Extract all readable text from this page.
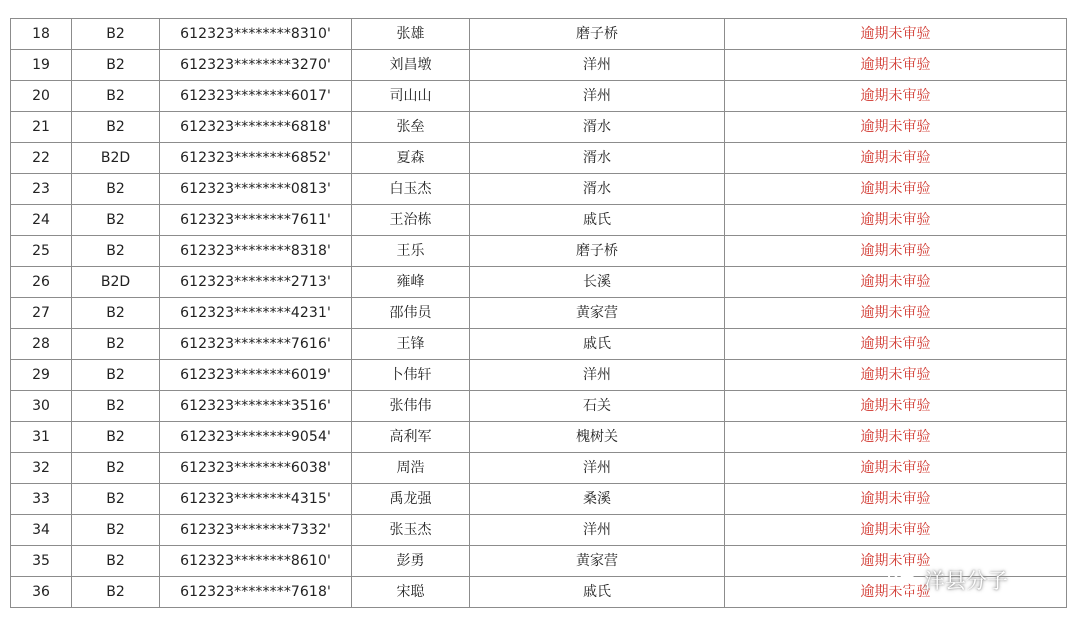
18	B2	612323********8310'	张雄	磨子桥	逾期未审验
19	B2	612323********3270'	刘昌墩	洋州	逾期未审验
20	B2	612323********6017'	司山山	洋州	逾期未审验
21	B2	612323********6818'	张垒	湑水	逾期未审验
22	B2D	612323********6852'	夏森	湑水	逾期未审验
23	B2	612323********0813'	白玉杰	湑水	逾期未审验
24	B2	612323********7611'	王治栋	戚氏	逾期未审验
25	B2	612323********8318'	王乐	磨子桥	逾期未审验
26	B2D	612323********2713'	雍峰	长溪	逾期未审验
27	B2	612323********4231'	邵伟员	黄家营	逾期未审验
28	B2	612323********7616'	王锋	戚氏	逾期未审验
29	B2	612323********6019'	卜伟轩	洋州	逾期未审验
30	B2	612323********3516'	张伟伟	石关	逾期未审验
31	B2	612323********9054'	高利军	槐树关	逾期未审验
32	B2	612323********6038'	周浩	洋州	逾期未审验
33	B2	612323********4315'	禹龙强	桑溪	逾期未审验
34	B2	612323********7332'	张玉杰	洋州	逾期未审验
35	B2	612323********8610'	彭勇	黄家营	逾期未审验
36	B2	612323********7618'	宋聪	戚氏	逾期未审验
洋县分子
